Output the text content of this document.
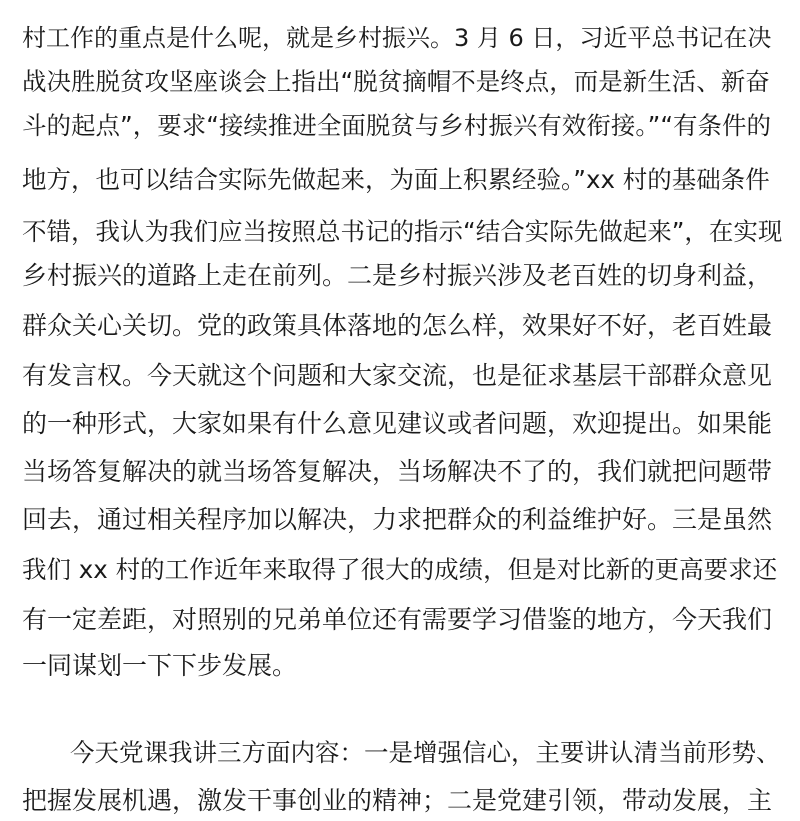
村工作的重点是什么呢，就是乡村振兴。3 月 6 日，习近平总书记在决
战决胜脱贫攻坚座谈会上指出“脱贫摘帽不是终点，而是新生活、新奋
斗的起点”，要求“接续推进全面脱贫与乡村振兴有效衔接。”“有条件的
地方，也可以结合实际先做起来，为面上积累经验。”xx 村的基础条件
不错，我认为我们应当按照总书记的指示“结合实际先做起来”，在实现
乡村振兴的道路上走在前列。二是乡村振兴涉及老百姓的切身利益，
群众关心关切。党的政策具体落地的怎么样，效果好不好，老百姓最
有发言权。今天就这个问题和大家交流，也是征求基层干部群众意见
的一种形式，大家如果有什么意见建议或者问题，欢迎提出。如果能
当场答复解决的就当场答复解决，当场解决不了的，我们就把问题带
回去，通过相关程序加以解决，力求把群众的利益维护好。三是虽然
我们 xx 村的工作近年来取得了很大的成绩，但是对比新的更高要求还
有一定差距，对照别的兄弟单位还有需要学习借鉴的地方，今天我们
一同谋划一下下步发展。
今天党课我讲三方面内容：一是增强信心，主要讲认清当前形势、
把握发展机遇，激发干事创业的精神；二是党建引领，带动发展，主
